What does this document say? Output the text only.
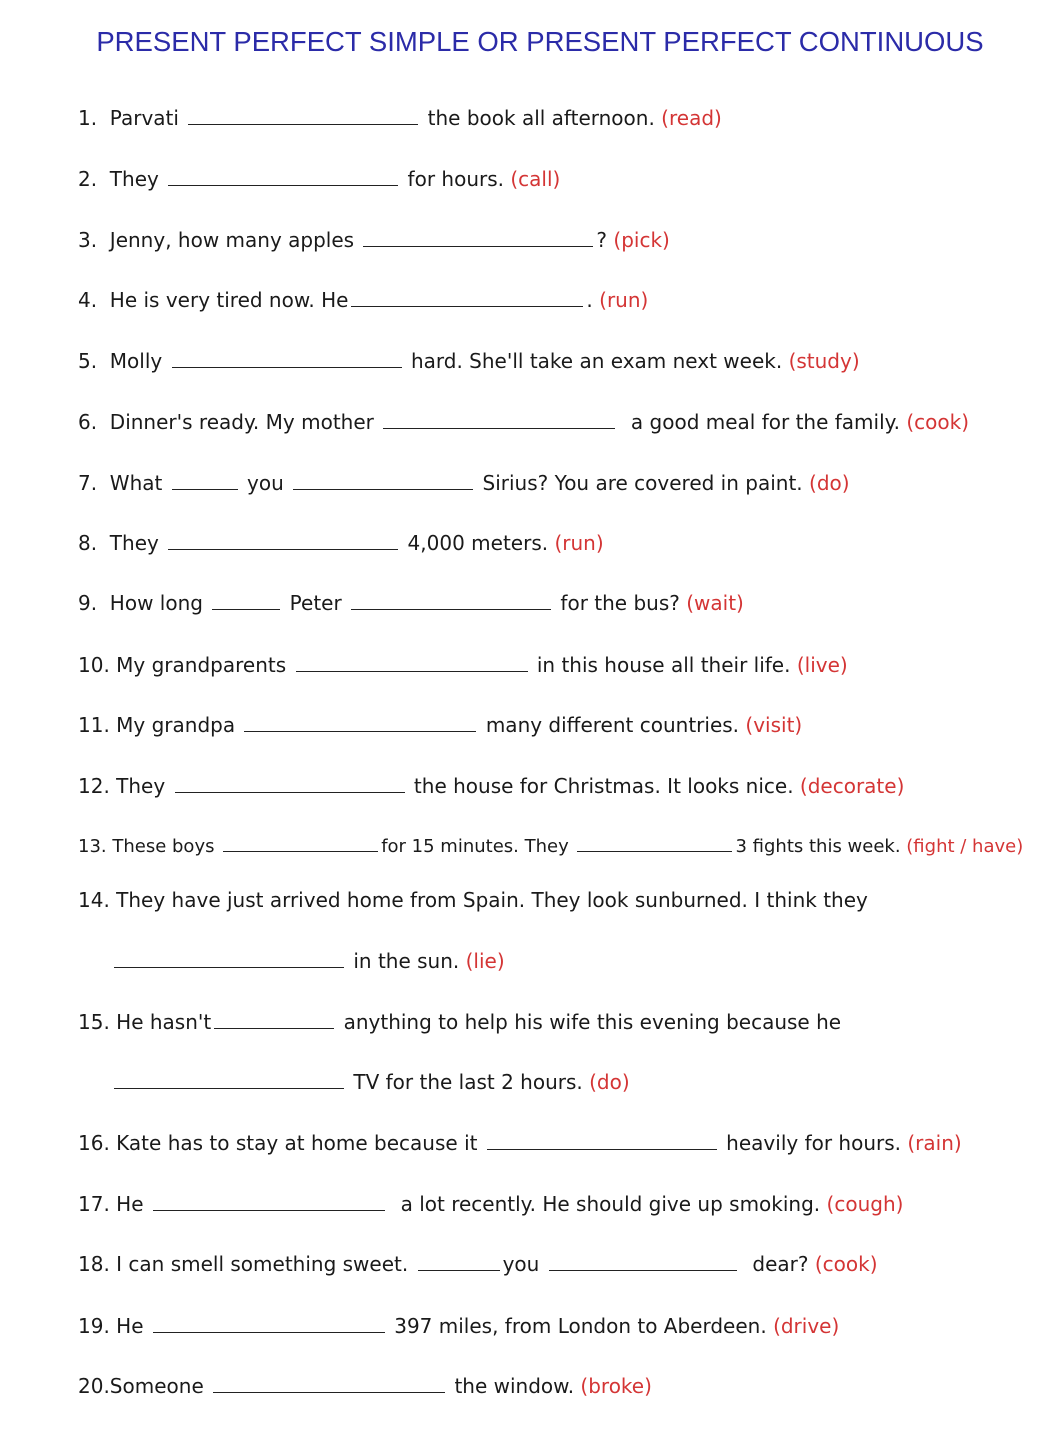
PRESENT PERFECT SIMPLE OR PRESENT PERFECT CONTINUOUS
1.  Parvati	the book all afternoon. (read)
2.  They	for hours. (call)
3.  Jenny, how many apples	? (pick)
4.  He is very tired now. He	. (run)
5.  Molly	hard. She'll take an exam next week. (study)
6.  Dinner's ready. My mother	a good meal for the family. (cook)
7.  What	you	Sirius? You are covered in paint. (do)
8.  They	4,000 meters. (run)
9.  How long	Peter	for the bus? (wait)
10. My grandparents	in this house all their life. (live)
11. My grandpa	many different countries. (visit)
12. They	the house for Christmas. It looks nice. (decorate)
13. These boys	for 15 minutes. They	3 fights this week. (fight / have)
14. They have just arrived home from Spain. They look sunburned. I think they
in the sun. (lie)
15. He hasn't	anything to help his wife this evening because he
TV for the last 2 hours. (do)
16. Kate has to stay at home because it	heavily for hours. (rain)
17. He	a lot recently. He should give up smoking. (cough)
18. I can smell something sweet.	you	dear? (cook)
19. He	397 miles, from London to Aberdeen. (drive)
20.Someone	the window. (broke)
